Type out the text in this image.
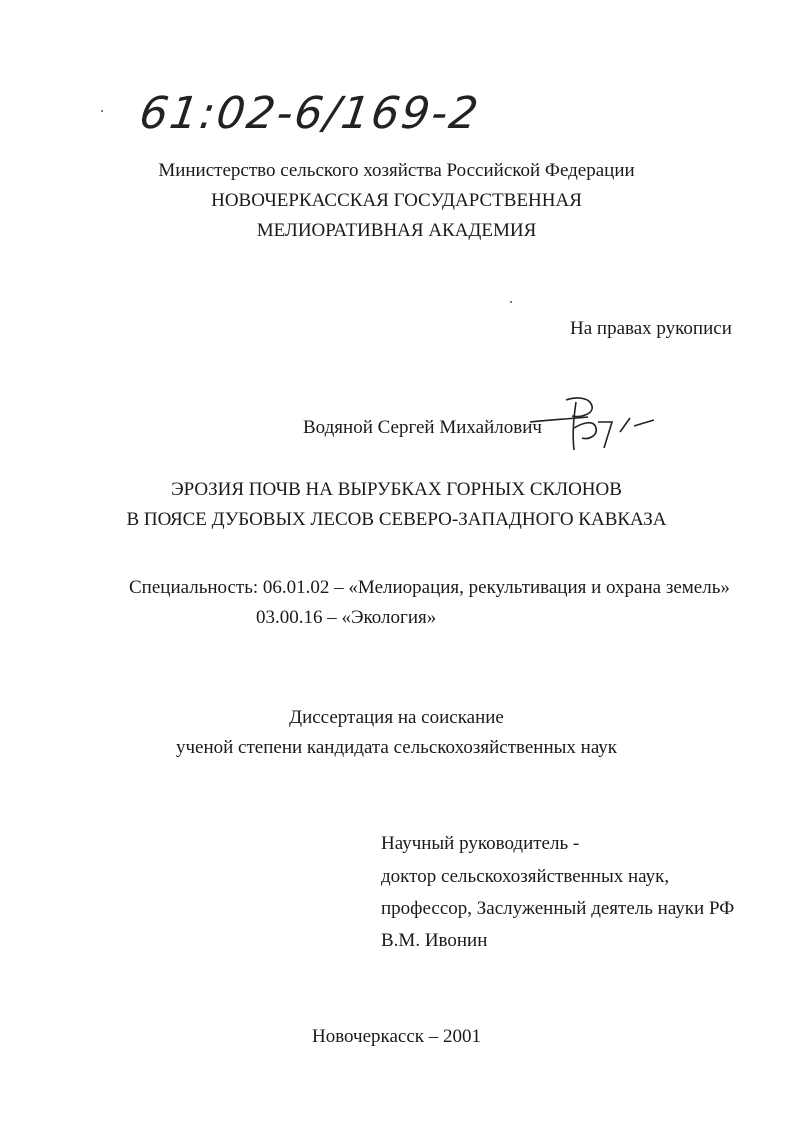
61:02-6/169-2
Министерство сельского хозяйства Российской Федерации
НОВОЧЕРКАССКАЯ ГОСУДАРСТВЕННАЯ
МЕЛИОРАТИВНАЯ АКАДЕМИЯ
На правах рукописи
Водяной Сергей Михайлович
ЭРОЗИЯ ПОЧВ НА ВЫРУБКАХ ГОРНЫХ СКЛОНОВ
В ПОЯСЕ ДУБОВЫХ ЛЕСОВ СЕВЕРО-ЗАПАДНОГО КАВКАЗА
Специальность: 06.01.02 – «Мелиорация, рекультивация и охрана земель»
03.00.16 – «Экология»
Диссертация на соискание
ученой степени кандидата сельскохозяйственных наук
Научный руководитель -
доктор сельскохозяйственных наук,
профессор, Заслуженный деятель науки РФ
В.М. Ивонин
Новочеркасск – 2001
